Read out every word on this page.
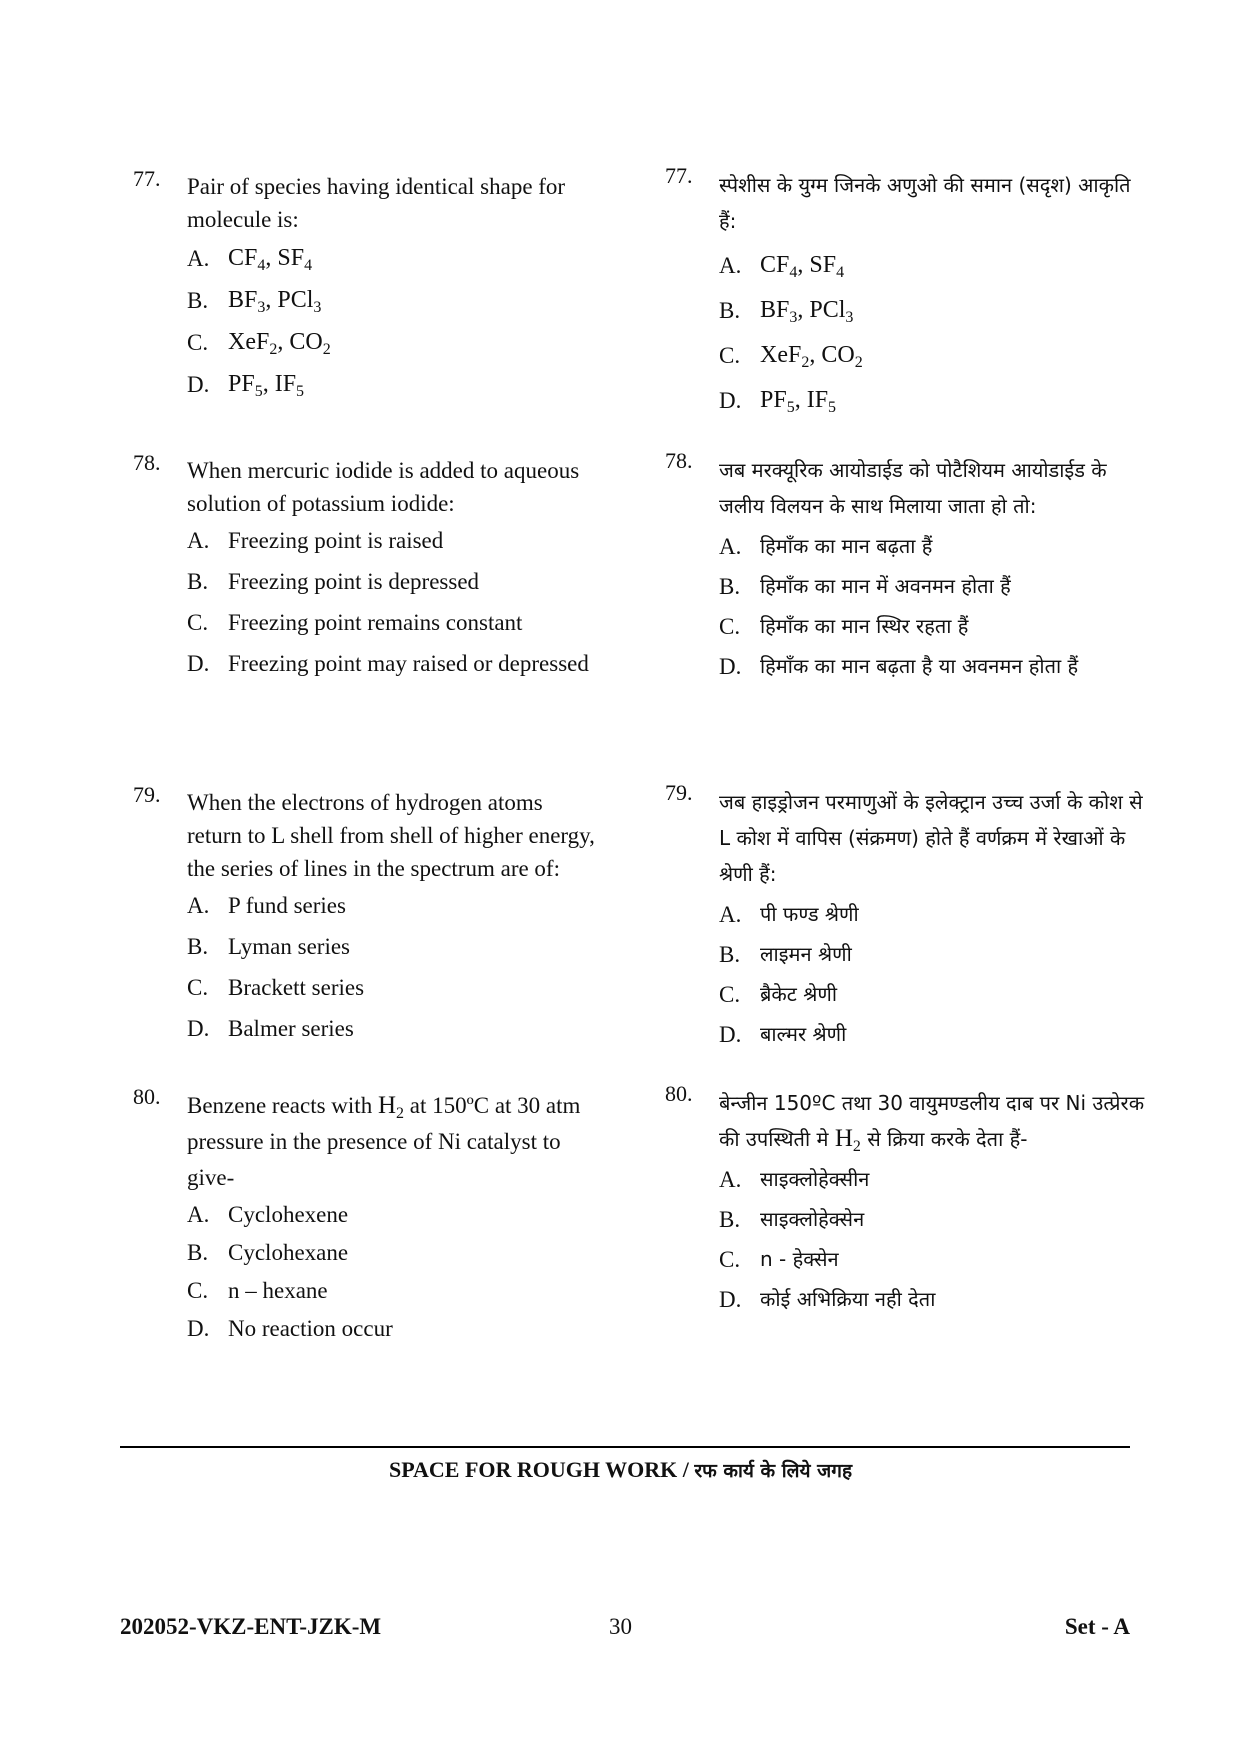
77.	Pair of species having identical shape for molecule is:
A. $CF_4$, $SF_4$
B. $BF_3$, PCl$_3$
C. XeF$_2$, $CO_2$
D. $PF_5$, $IF_5$
78.	When mercuric iodide is added to aqueous solution of potassium iodide:
A. Freezing point is raised
B. Freezing point is depressed
C. Freezing point remains constant
D. Freezing point may raised or depressed
79.	When the electrons of hydrogen atoms return to L shell from shell of higher energy, the series of lines in the spectrum are of:
A. P fund series
B. Lyman series
C. Brackett series
D. Balmer series
80.	Benzene reacts with $H_2$ at 150ºC at 30 atm pressure in the presence of Ni catalyst to give-
A. Cyclohexene
B. Cyclohexane
C. n – hexane
D. No reaction occur
77.	स्पेशीस के युग्म जिनके अणुओ की समान (सदृश) आकृति हैं:
A. $CF_4$, $SF_4$
B. $BF_3$, PCl$_3$
C. XeF$_2$, $CO_2$
D. $PF_5$, $IF_5$
78.	जब मरक्यूरिक आयोडाईड को पोटैशियम आयोडाईड के जलीय विलयन के साथ मिलाया जाता हो तो:
A. हिमाँक का मान बढ़ता हैं
B. हिमाँक का मान में अवनमन होता हैं
C. हिमाँक का मान स्थिर रहता हैं
D. हिमाँक का मान बढ़ता है या अवनमन होता हैं
79.	जब हाइड्रोजन परमाणुओं के इलेक्ट्रान उच्च उर्जा के कोश से L कोश में वापिस (संक्रमण) होते हैं वर्णक्रम में रेखाओं के श्रेणी हैं:
A. पी फण्ड श्रेणी
B. लाइमन श्रेणी
C. ब्रैकेट श्रेणी
D. बाल्मर श्रेणी
80.	बेन्जीन 150ºC तथा 30 वायुमण्डलीय दाब पर Ni उत्प्रेरक की उपस्थिती मे $H_2$ से क्रिया करके देता हैं-
A. साइक्लोहेक्सीन
B. साइक्लोहेक्सेन
C. n - हेक्सेन
D. कोई अभिक्रिया नही देता
SPACE FOR ROUGH WORK / रफ कार्य के लिये जगह
202052-VKZ-ENT-JZK-M	30	Set - A
